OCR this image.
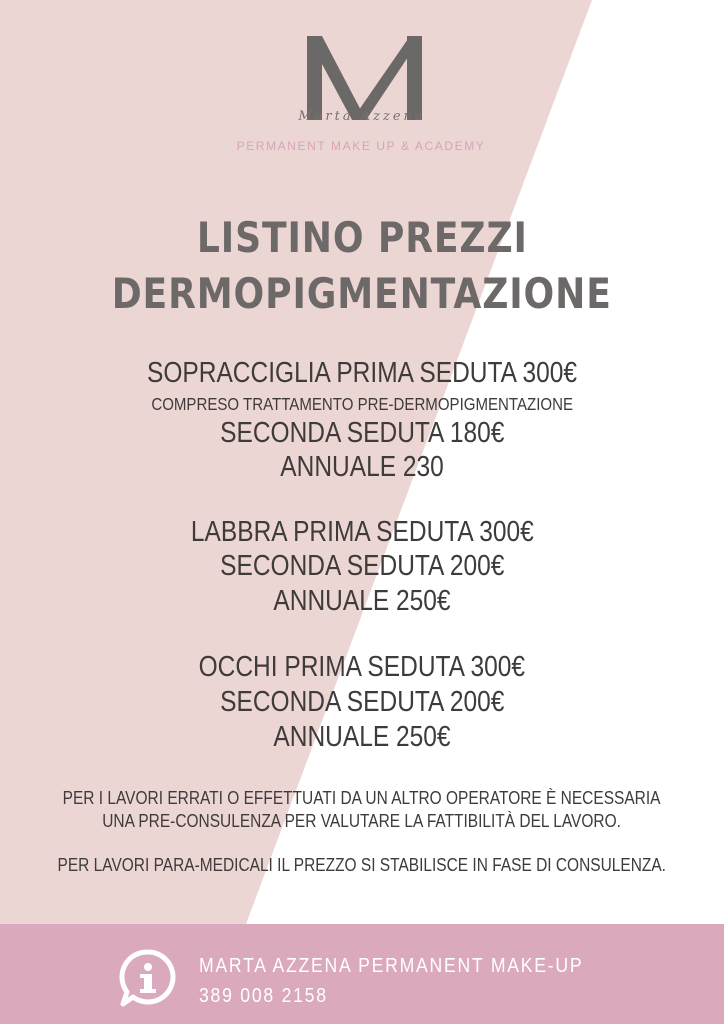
Marta Azzena
PERMANENT MAKE UP & ACADEMY
LISTINO PREZZI
DERMOPIGMENTAZIONE
SOPRACCIGLIA PRIMA SEDUTA 300€
COMPRESO TRATTAMENTO PRE-DERMOPIGMENTAZIONE
SECONDA SEDUTA 180€
ANNUALE 230
LABBRA PRIMA SEDUTA 300€
SECONDA SEDUTA 200€
ANNUALE 250€
OCCHI PRIMA SEDUTA 300€
SECONDA SEDUTA 200€
ANNUALE 250€
PER I LAVORI ERRATI O EFFETTUATI DA UN ALTRO OPERATORE È NECESSARIA
UNA PRE-CONSULENZA PER VALUTARE LA FATTIBILITÀ DEL LAVORO.
PER LAVORI PARA-MEDICALI IL PREZZO SI STABILISCE IN FASE DI CONSULENZA.
MARTA AZZENA PERMANENT MAKE-UP
389 008 2158
